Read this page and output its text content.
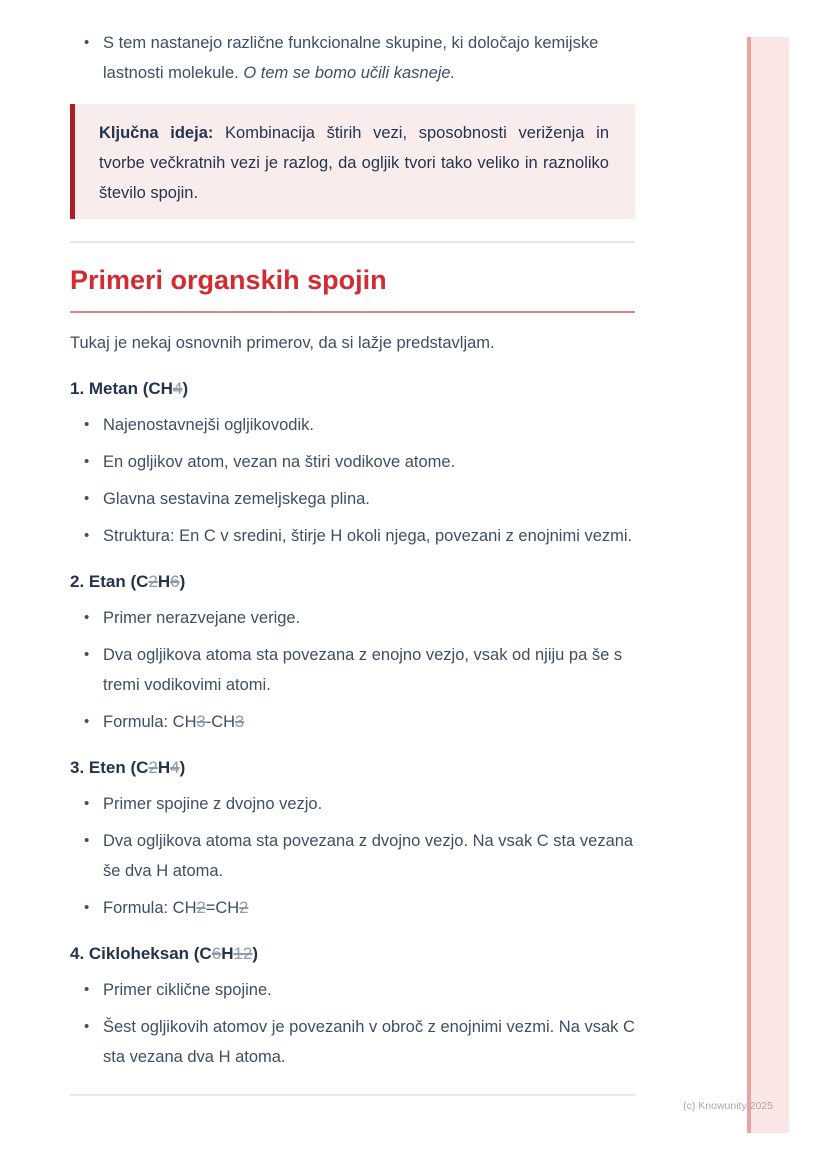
• S tem nastanejo različne funkcionalne skupine, ki določajo kemijske lastnosti molekule. O tem se bomo učili kasneje.

Ključna ideja: Kombinacija štirih vezi, sposobnosti veriženja in tvorbe večkratnih vezi je razlog, da ogljik tvori tako veliko in raznoliko število spojin.

Primeri organskih spojin

Tukaj je nekaj osnovnih primerov, da si lažje predstavljam.

1. Metan (CH4)
• Najenostavnejši ogljikovodik.
• En ogljikov atom, vezan na štiri vodikove atome.
• Glavna sestavina zemeljskega plina.
• Struktura: En C v sredini, štirje H okoli njega, povezani z enojnimi vezmi.
2. Etan (C2H6)
• Primer nerazvejane verige.
• Dva ogljikova atoma sta povezana z enojno vezjo, vsak od njiju pa še s tremi vodikovimi atomi.
• Formula: CH3-CH3
3. Eten (C2H4)
• Primer spojine z dvojno vezjo.
• Dva ogljikova atoma sta povezana z dvojno vezjo. Na vsak C sta vezana še dva H atoma.
• Formula: CH2=CH2
4. Cikloheksan (C6H12)
• Primer ciklične spojine.
• Šest ogljikovih atomov je povezanih v obroč z enojnimi vezmi. Na vsak C sta vezana dva H atoma.
(c) Knowunity 2025
